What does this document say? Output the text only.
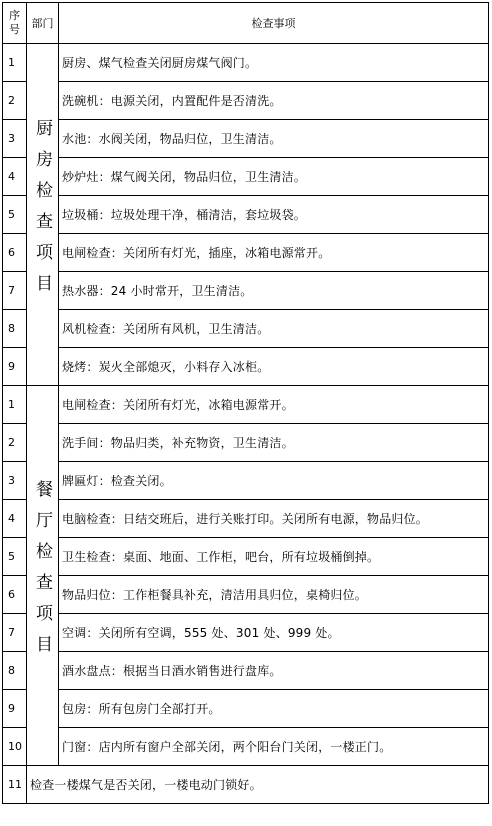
序
号	部门	检查事项
1	厨房检查项目	厨房、煤气检查关闭厨房煤气阀门。
2		洗碗机：电源关闭，内置配件是否清洗。
3		水池：水阀关闭，物品归位，卫生清洁。
4		炒炉灶：煤气阀关闭，物品归位，卫生清洁。
5		垃圾桶：垃圾处理干净，桶清洁，套垃圾袋。
6		电闸检查：关闭所有灯光，插座，冰箱电源常开。
7		热水器：24 小时常开，卫生清洁。
8		风机检查：关闭所有风机，卫生清洁。
9		烧烤：炭火全部熄灭，小料存入冰柜。
1	餐厅检查项目	电闸检查：关闭所有灯光，冰箱电源常开。
2		洗手间：物品归类，补充物资，卫生清洁。
3		牌匾灯：检查关闭。
4		电脑检查：日结交班后，进行关账打印。关闭所有电源，物品归位。
5		卫生检查：桌面、地面、工作柜，吧台，所有垃圾桶倒掉。
6		物品归位：工作柜餐具补充，清洁用具归位，桌椅归位。
7		空调：关闭所有空调，555 处、301 处、999 处。
8		酒水盘点：根据当日酒水销售进行盘库。
9		包房：所有包房门全部打开。
10		门窗：店内所有窗户全部关闭，两个阳台门关闭，一楼正门。
11	检查一楼煤气是否关闭，一楼电动门锁好。	
